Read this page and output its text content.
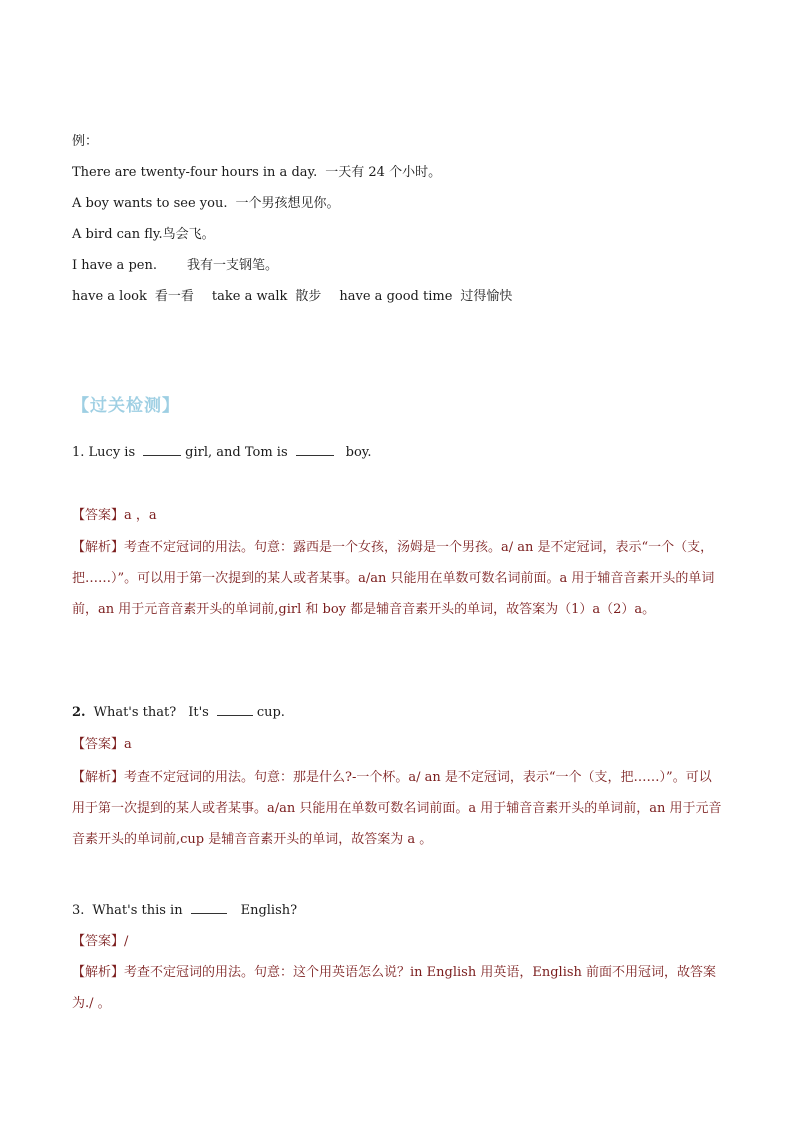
例：
There are twenty-four hours in a day. 一天有 24 个小时。
A boy wants to see you. 一个男孩想见你。
A bird can fly.鸟会飞。
I have a pen. 我有一支钢笔。
have a look 看一看 take a walk 散步 have a good time 过得愉快
【过关检测】
1. Lucy is	girl, and Tom is	boy.
【答案】a ，a
【解析】考查不定冠词的用法。句意：露西是一个女孩，汤姆是一个男孩。a/ an 是不定冠词，表示“一个（支，把……）”。可以用于第一次提到的某人或者某事。a/an 只能用在单数可数名词前面。a 用于辅音音素开头的单词前，an 用于元音音素开头的单词前,girl 和 boy 都是辅音音素开头的单词，故答案为（1）a（2）a。
2. What's that? It's	cup.
【答案】a
【解析】考查不定冠词的用法。句意：那是什么?-一个杯。a/ an 是不定冠词，表示“一个（支，把……）”。可以用于第一次提到的某人或者某事。a/an 只能用在单数可数名词前面。a 用于辅音音素开头的单词前，an 用于元音音素开头的单词前,cup 是辅音音素开头的单词，故答案为 a 。
3. What's this in	English?
【答案】/
【解析】考查不定冠词的用法。句意：这个用英语怎么说？in English 用英语，English 前面不用冠词，故答案为./ 。
